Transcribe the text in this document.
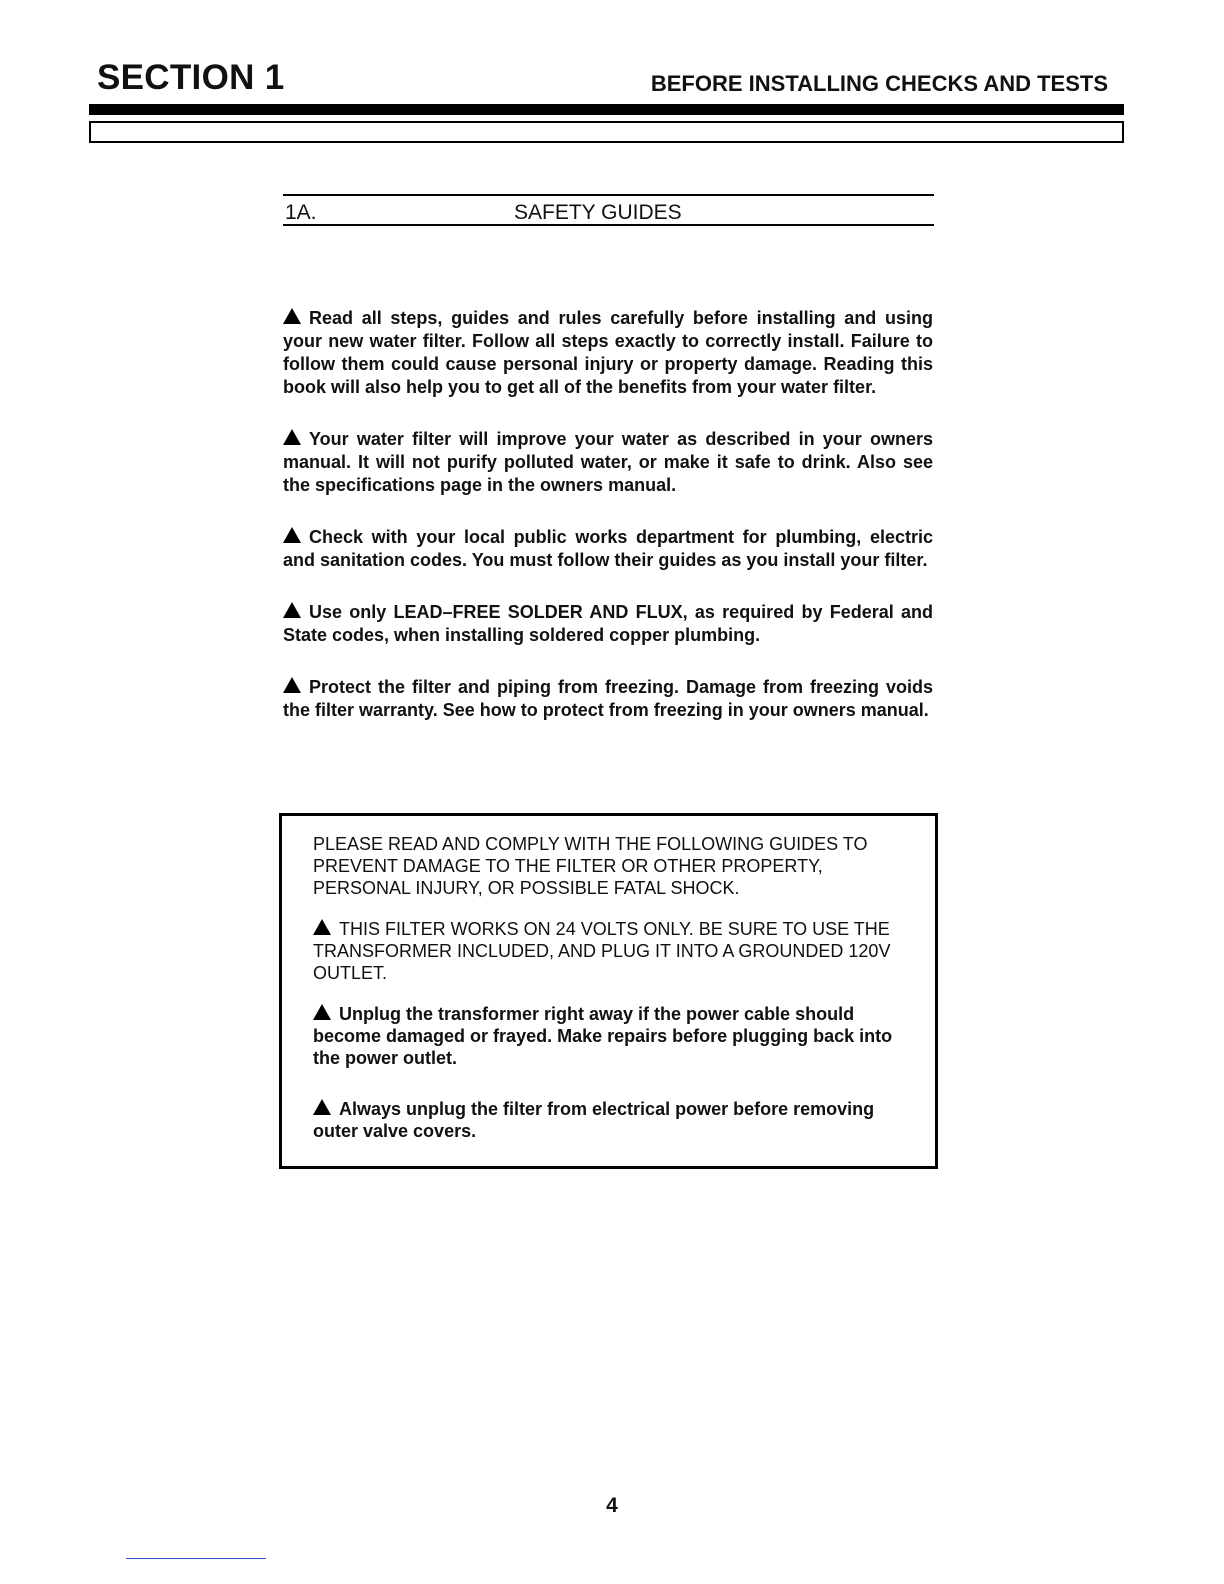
SECTION 1	BEFORE INSTALLING CHECKS AND TESTS
1A.	SAFETY GUIDES

Read all steps, guides and rules carefully before installing and using your new water filter. Follow all steps exactly to correctly install. Failure to follow them could cause personal injury or property damage. Reading this book will also help you to get all of the benefits from your water filter.

Your water filter will improve your water as described in your owners manual. It will not purify polluted water, or make it safe to drink. Also see the specifications page in the owners manual.

Check with your local public works department for plumbing, electric and sanitation codes. You must follow their guides as you install your filter.

Use only LEAD–FREE SOLDER AND FLUX, as required by Federal and State codes, when installing soldered copper plumbing.

Protect the filter and piping from freezing. Damage from freezing voids the filter warranty. See how to protect from freezing in your owners manual.

PLEASE READ AND COMPLY WITH THE FOLLOWING GUIDES TO PREVENT DAMAGE TO THE FILTER OR OTHER PROPERTY, PERSONAL INJURY, OR POSSIBLE FATAL SHOCK.

THIS FILTER WORKS ON 24 VOLTS ONLY. BE SURE TO USE THE TRANSFORMER INCLUDED, AND PLUG IT INTO A GROUNDED 120V OUTLET.

Unplug the transformer right away if the power cable should become damaged or frayed. Make repairs before plugging back into the power outlet.

Always unplug the filter from electrical power before removing outer valve covers.

4
